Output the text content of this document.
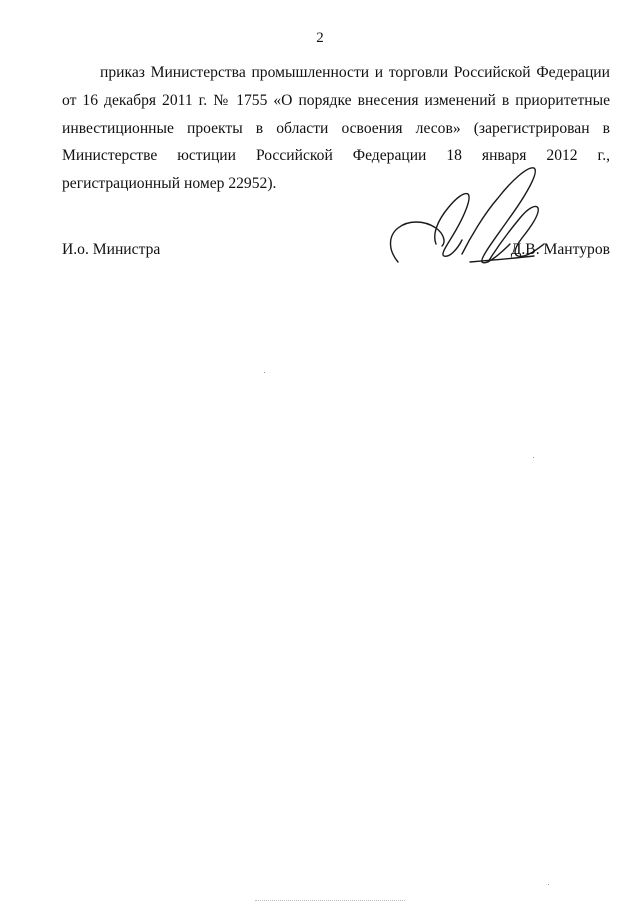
2

приказ Министерства промышленности и торговли Российской Федерации от 16 декабря 2011 г. № 1755 «О порядке внесения изменений в приоритетные инвестиционные проекты в области освоения лесов» (зарегистрирован в Министерстве юстиции Российской Федерации 18 января 2012 г., регистрационный номер 22952).

И.о. Министра	Д.В. Мантуров
